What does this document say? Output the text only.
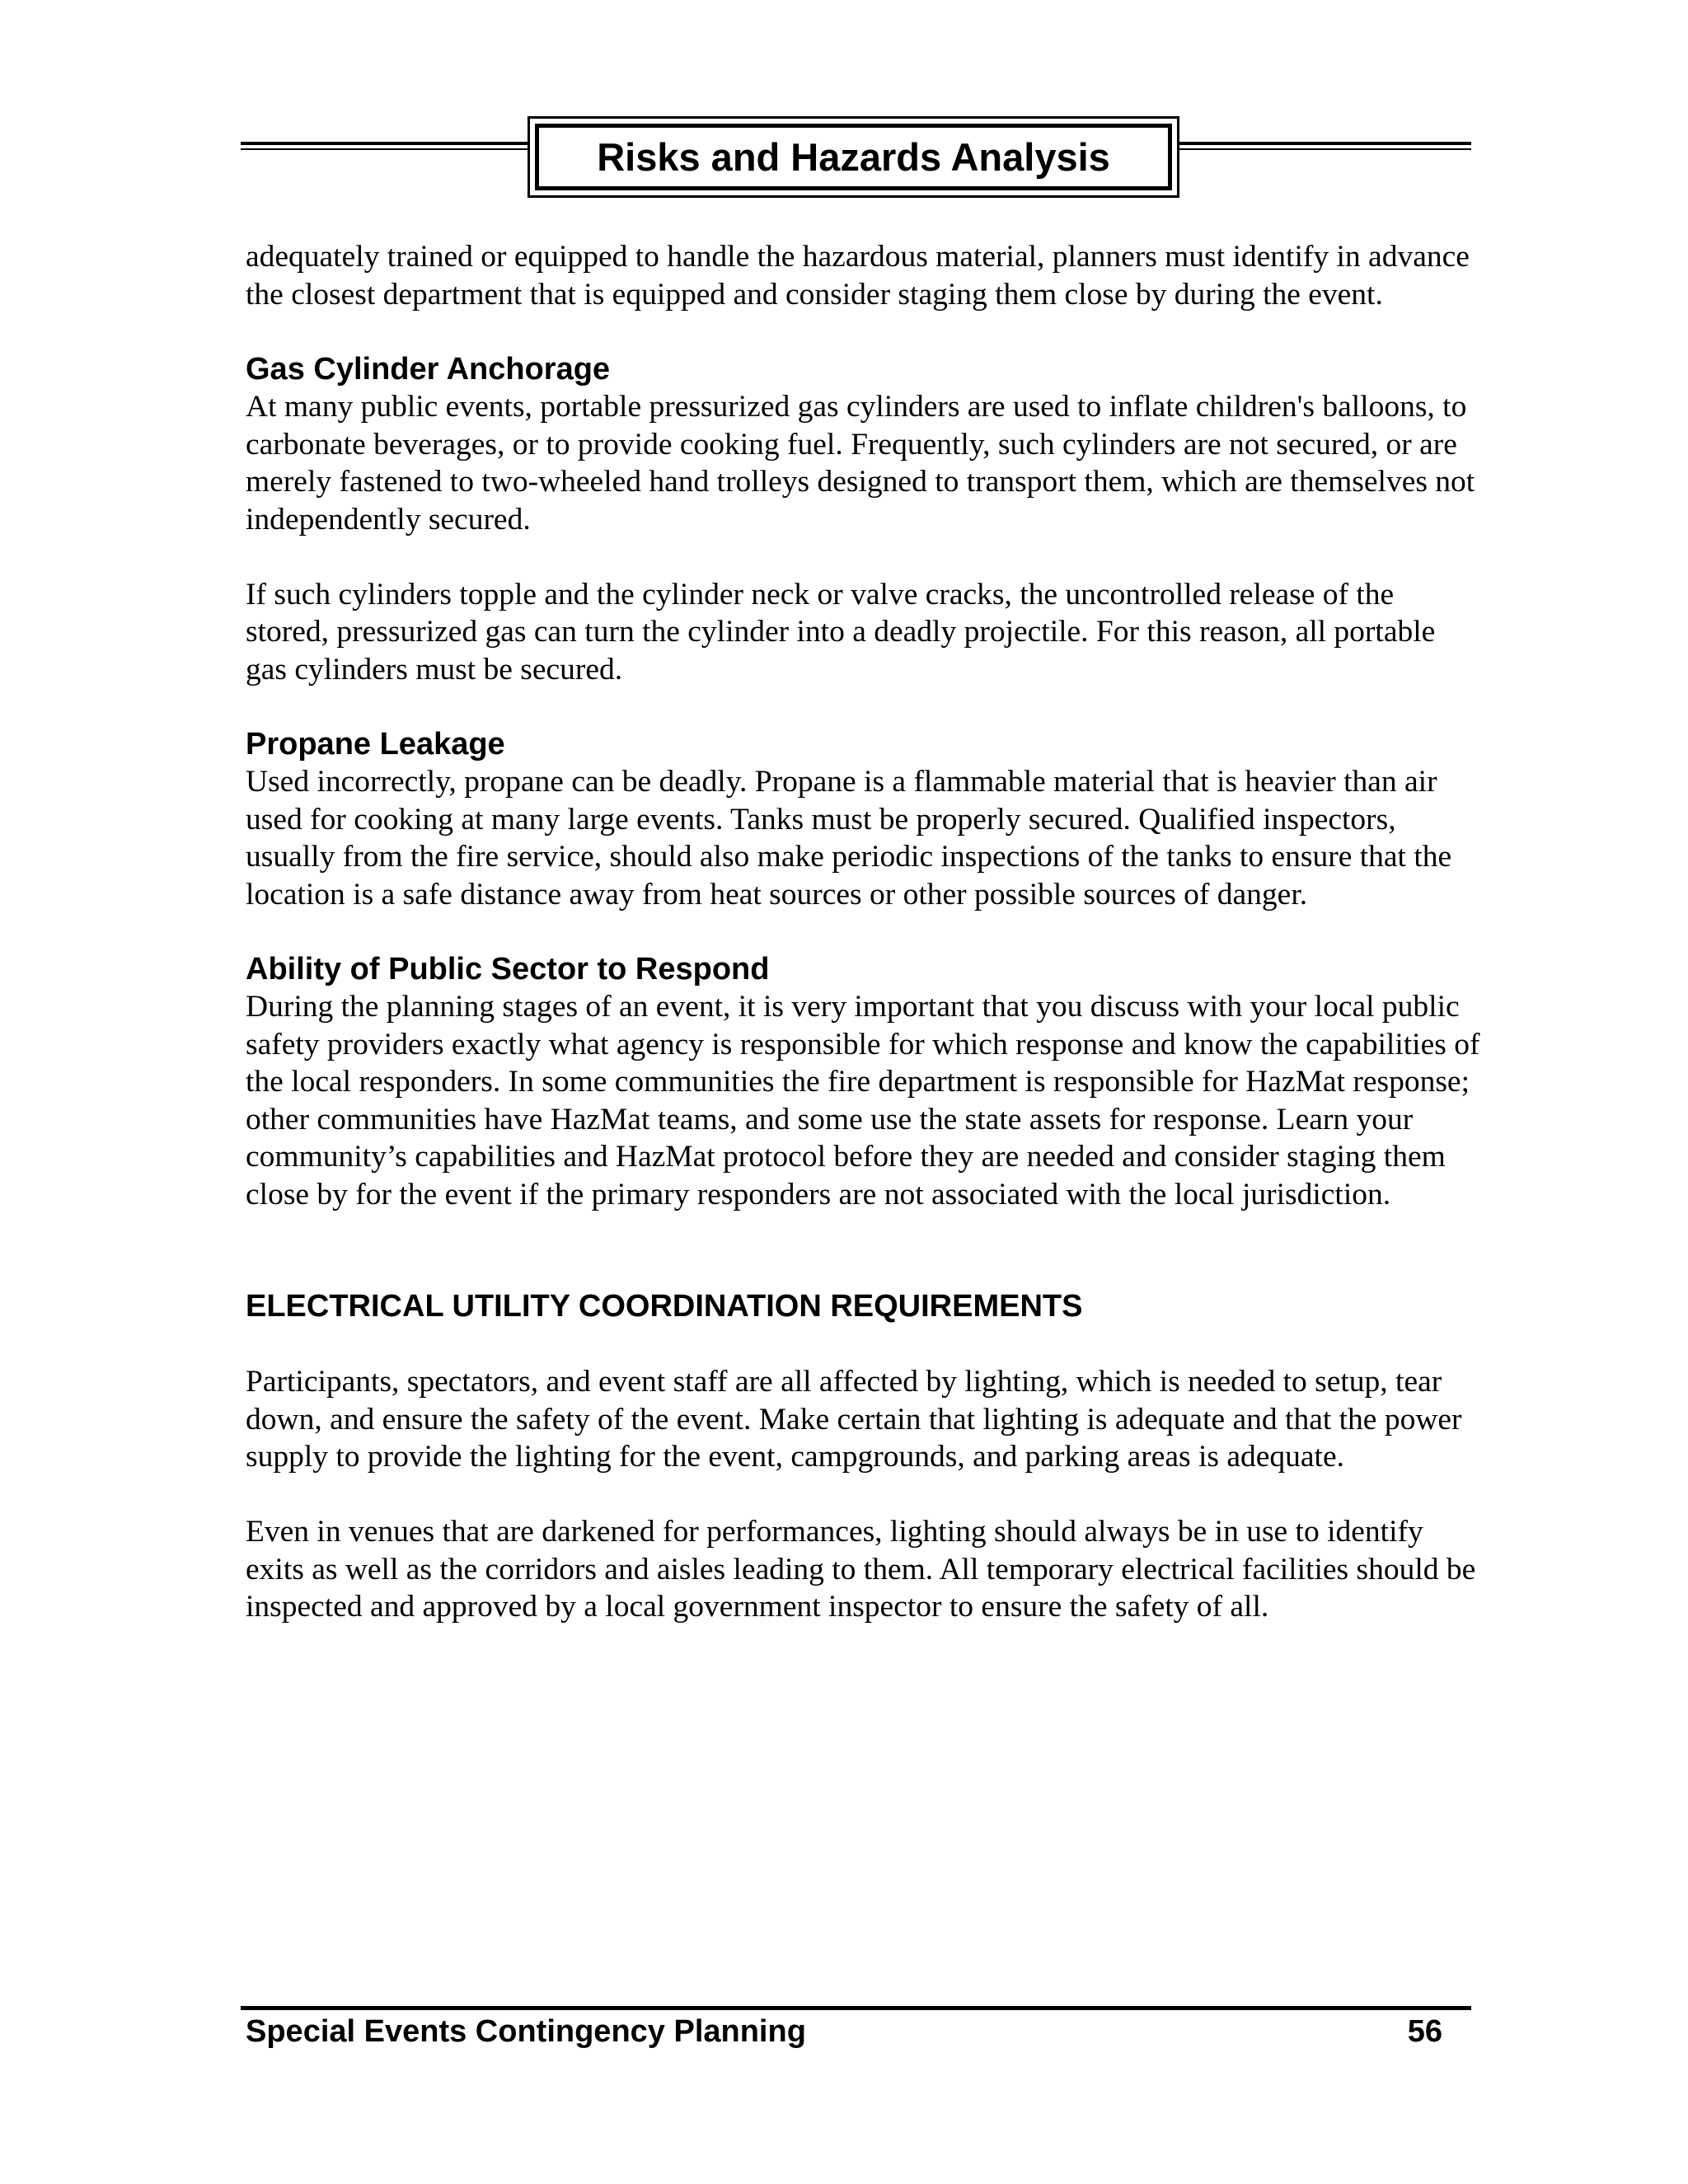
Risks and Hazards Analysis

adequately trained or equipped to handle the hazardous material, planners must identify in advance the closest department that is equipped and consider staging them close by during the event.

Gas Cylinder Anchorage

At many public events, portable pressurized gas cylinders are used to inflate children's balloons, to carbonate beverages, or to provide cooking fuel. Frequently, such cylinders are not secured, or are merely fastened to two-wheeled hand trolleys designed to transport them, which are themselves not independently secured.

If such cylinders topple and the cylinder neck or valve cracks, the uncontrolled release of the stored, pressurized gas can turn the cylinder into a deadly projectile. For this reason, all portable gas cylinders must be secured.

Propane Leakage

Used incorrectly, propane can be deadly. Propane is a flammable material that is heavier than air used for cooking at many large events. Tanks must be properly secured. Qualified inspectors, usually from the fire service, should also make periodic inspections of the tanks to ensure that the location is a safe distance away from heat sources or other possible sources of danger.

Ability of Public Sector to Respond

During the planning stages of an event, it is very important that you discuss with your local public safety providers exactly what agency is responsible for which response and know the capabilities of the local responders. In some communities the fire department is responsible for HazMat response; other communities have HazMat teams, and some use the state assets for response. Learn your community’s capabilities and HazMat protocol before they are needed and consider staging them close by for the event if the primary responders are not associated with the local jurisdiction.

ELECTRICAL UTILITY COORDINATION REQUIREMENTS

Participants, spectators, and event staff are all affected by lighting, which is needed to setup, tear down, and ensure the safety of the event. Make certain that lighting is adequate and that the power supply to provide the lighting for the event, campgrounds, and parking areas is adequate.

Even in venues that are darkened for performances, lighting should always be in use to identify exits as well as the corridors and aisles leading to them. All temporary electrical facilities should be inspected and approved by a local government inspector to ensure the safety of all.

Special Events Contingency Planning	56
